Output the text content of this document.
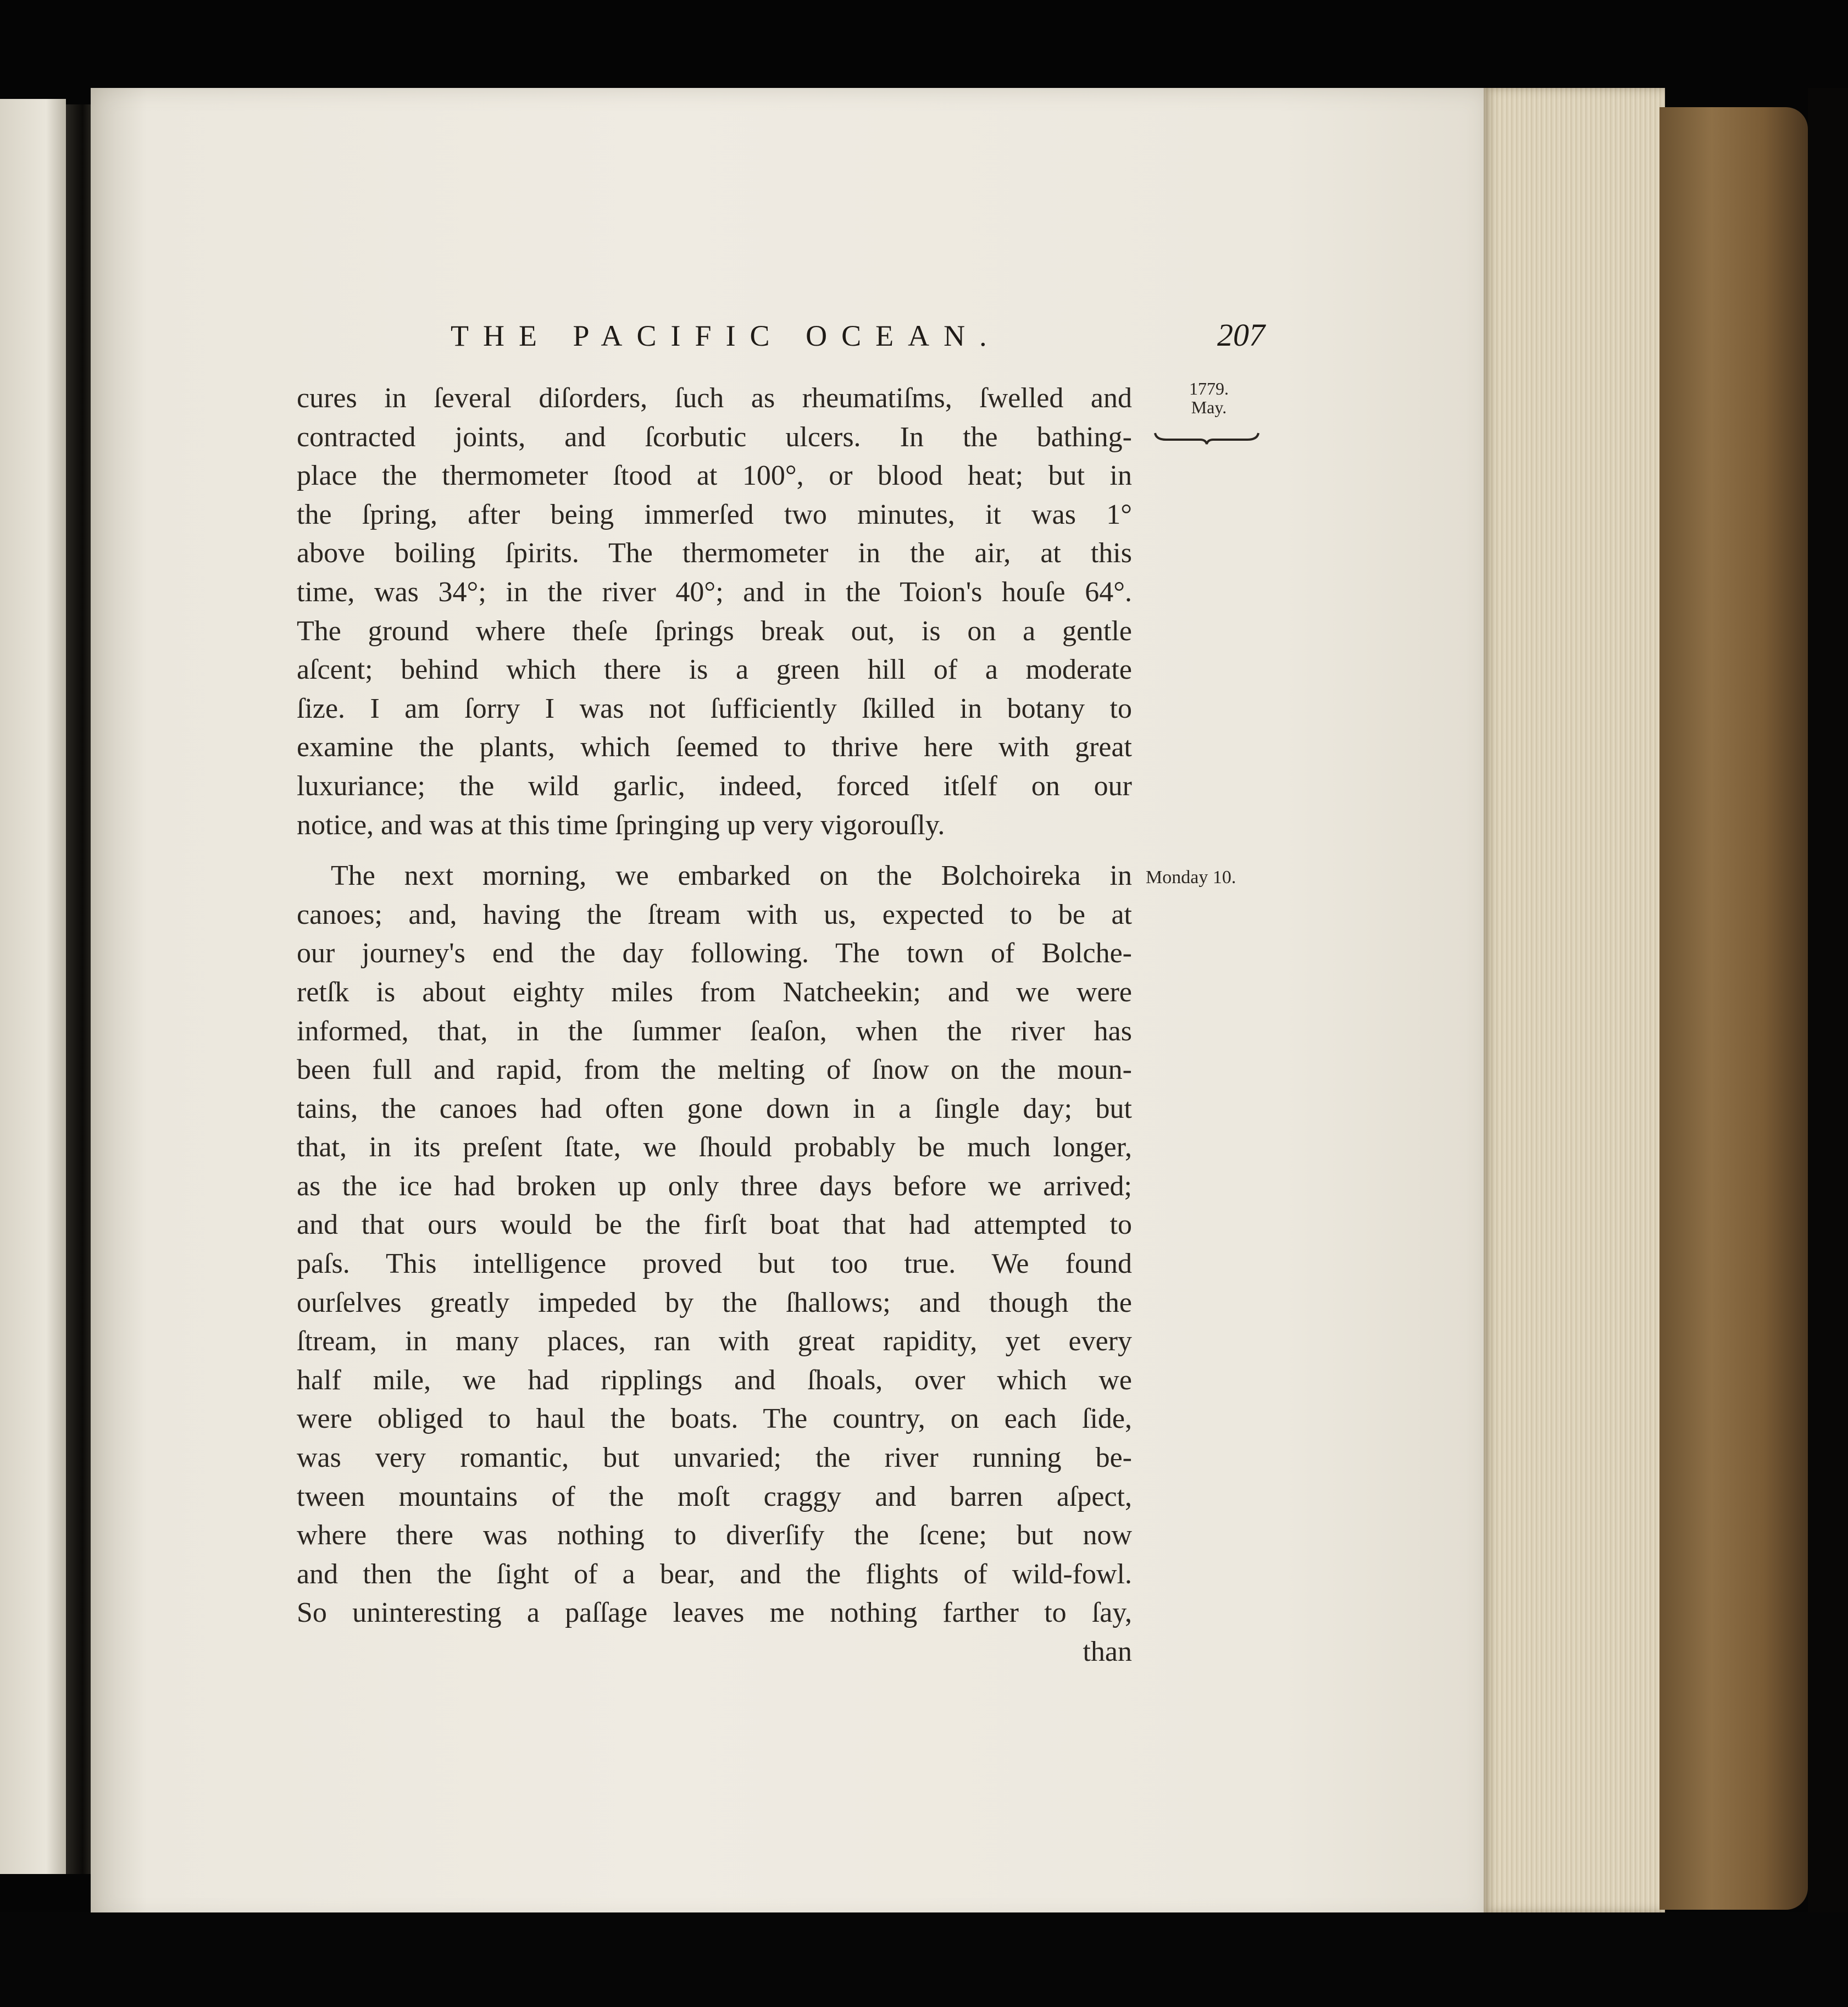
THE PACIFIC OCEAN.	207
1779.
May.
Monday 10.
cures in ſeveral diſorders, ſuch as rheumatiſms, ſwelled and
contracted joints, and ſcorbutic ulcers. In the bathing-
place the thermometer ſtood at 100°, or blood heat; but in
the ſpring, after being immerſed two minutes, it was 1°
above boiling ſpirits. The thermometer in the air, at this
time, was 34°; in the river 40°; and in the Toion's houſe 64°.
The ground where theſe ſprings break out, is on a gentle
aſcent; behind which there is a green hill of a moderate
ſize. I am ſorry I was not ſufficiently ſkilled in botany to
examine the plants, which ſeemed to thrive here with great
luxuriance; the wild garlic, indeed, forced itſelf on our
notice, and was at this time ſpringing up very vigorouſly.
The next morning, we embarked on the Bolchoireka in
canoes; and, having the ſtream with us, expected to be at
our journey's end the day following. The town of Bolche-
retſk is about eighty miles from Natcheekin; and we were
informed, that, in the ſummer ſeaſon, when the river has
been full and rapid, from the melting of ſnow on the moun-
tains, the canoes had often gone down in a ſingle day; but
that, in its preſent ſtate, we ſhould probably be much longer,
as the ice had broken up only three days before we arrived;
and that ours would be the firſt boat that had attempted to
paſs. This intelligence proved but too true. We found
ourſelves greatly impeded by the ſhallows; and though the
ſtream, in many places, ran with great rapidity, yet every
half mile, we had ripplings and ſhoals, over which we
were obliged to haul the boats. The country, on each ſide,
was very romantic, but unvaried; the river running be-
tween mountains of the moſt craggy and barren aſpect,
where there was nothing to diverſify the ſcene; but now
and then the ſight of a bear, and the flights of wild-fowl.
So uninteresting a paſſage leaves me nothing farther to ſay,
than
